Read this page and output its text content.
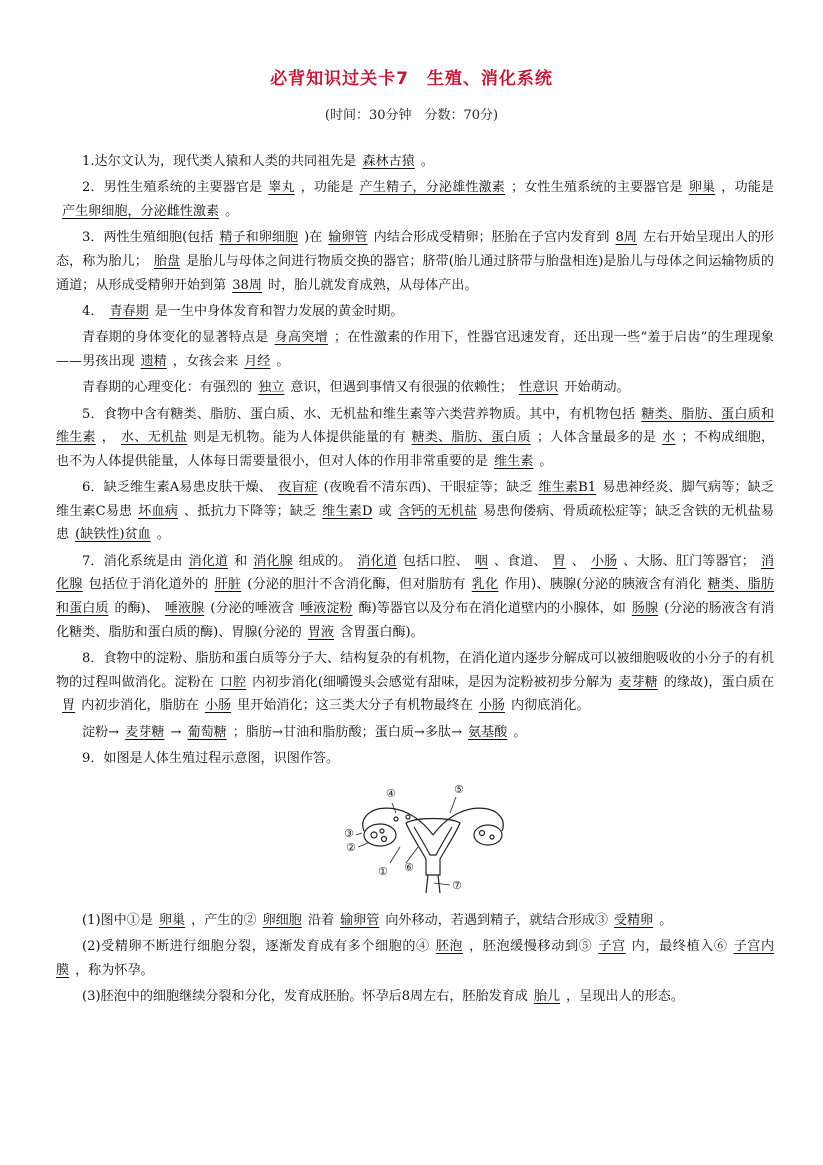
必背知识过关卡7　生殖、消化系统
(时间：30分钟　分数：70分)

1.达尔文认为，现代类人猿和人类的共同祖先是 森林古猿 。

2．男性生殖系统的主要器官是 睾丸 ，功能是 产生精子，分泌雄性激素 ；女性生殖系统的主要器官是 卵巢 ，功能是产生卵细胞，分泌雌性激素 。

3．两性生殖细胞(包括 精子和卵细胞 )在 输卵管 内结合形成受精卵；胚胎在子宫内发育到 8周 左右开始呈现出人的形态，称为胎儿； 胎盘 是胎儿与母体之间进行物质交换的器官；脐带(胎儿通过脐带与胎盘相连)是胎儿与母体之间运输物质的通道；从形成受精卵开始到第 38周 时，胎儿就发育成熟，从母体产出。

4． 青春期 是一生中身体发育和智力发展的黄金时期。

青春期的身体变化的显著特点是 身高突增 ；在性激素的作用下，性器官迅速发育，还出现一些“羞于启齿”的生理现象——男孩出现 遗精 ，女孩会来 月经 。

青春期的心理变化：有强烈的 独立 意识，但遇到事情又有很强的依赖性； 性意识 开始萌动。

5．食物中含有糖类、脂肪、蛋白质、水、无机盐和维生素等六类营养物质。其中，有机物包括 糖类、脂肪、蛋白质和维生素 ， 水、无机盐 则是无机物。能为人体提供能量的有 糖类、脂肪、蛋白质 ；人体含量最多的是 水 ；不构成细胞，也不为人体提供能量，人体每日需要量很小，但对人体的作用非常重要的是 维生素 。

6．缺乏维生素A易患皮肤干燥、 夜盲症 (夜晚看不清东西)、干眼症等；缺乏 维生素B1 易患神经炎、脚气病等；缺乏维生素C易患 坏血病 、抵抗力下降等；缺乏 维生素D 或 含钙的无机盐 易患佝偻病、骨质疏松症等；缺乏含铁的无机盐易患 (缺铁性)贫血 。

7．消化系统是由 消化道 和 消化腺 组成的。 消化道 包括口腔、 咽 、食道、 胃 、 小肠 、大肠、肛门等器官； 消化腺 包括位于消化道外的 肝脏 (分泌的胆汁不含消化酶，但对脂肪有 乳化 作用)、胰腺(分泌的胰液含有消化 糖类、脂肪和蛋白质 的酶)、 唾液腺 (分泌的唾液含 唾液淀粉 酶)等器官以及分布在消化道壁内的小腺体，如 肠腺 (分泌的肠液含有消化糖类、脂肪和蛋白质的酶)、胃腺(分泌的 胃液 含胃蛋白酶)。

8．食物中的淀粉、脂肪和蛋白质等分子大、结构复杂的有机物，在消化道内逐步分解成可以被细胞吸收的小分子的有机物的过程叫做消化。淀粉在 口腔 内初步消化(细嚼馒头会感觉有甜味，是因为淀粉被初步分解为 麦芽糖 的缘故)，蛋白质在胃 内初步消化，脂肪在 小肠 里开始消化；这三类大分子有机物最终在 小肠 内彻底消化。

淀粉→ 麦芽糖 → 葡萄糖 ；脂肪→甘油和脂肪酸；蛋白质→多肽→ 氨基酸 。

9．如图是人体生殖过程示意图，识图作答。

④	⑤
③
②
① ⑥
⑦

(1)图中①是 卵巢 ，产生的② 卵细胞 沿着 输卵管 向外移动，若遇到精子，就结合形成③ 受精卵 。

(2)受精卵不断进行细胞分裂，逐渐发育成有多个细胞的④ 胚泡 ，胚泡缓慢移动到⑤ 子宫 内，最终植入⑥ 子宫内膜 ，称为怀孕。

(3)胚泡中的细胞继续分裂和分化，发育成胚胎。怀孕后8周左右，胚胎发育成 胎儿 ，呈现出人的形态。
